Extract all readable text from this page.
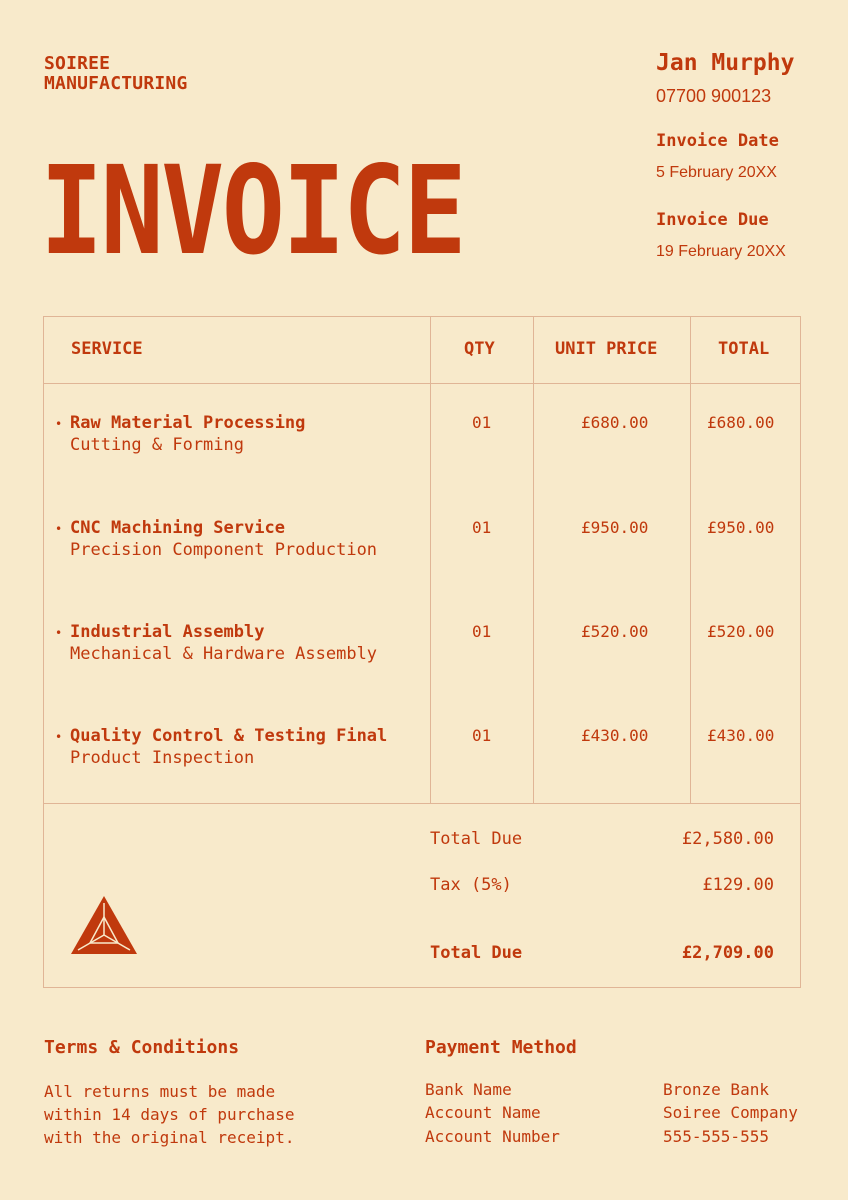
SOIREE
MANUFACTURING
INVOICE
Jan Murphy
07700 900123
Invoice Date
5 February 20XX
Invoice Due
19 February 20XX
SERVICE	QTY	UNIT PRICE	TOTAL
• Raw Material Processing
Cutting & Forming
01	£680.00	£680.00
• CNC Machining Service
Precision Component Production
01	£950.00	£950.00
• Industrial Assembly
Mechanical & Hardware Assembly
01	£520.00	£520.00
• Quality Control & Testing Final
Product Inspection
01	£430.00	£430.00
Total Due	£2,580.00
Tax (5%)	£129.00
Total Due	£2,709.00
Terms & Conditions
All returns must be made
within 14 days of purchase
with the original receipt.
Payment Method
Bank Name	Bronze Bank
Account Name	Soiree Company
Account Number	555-555-555
